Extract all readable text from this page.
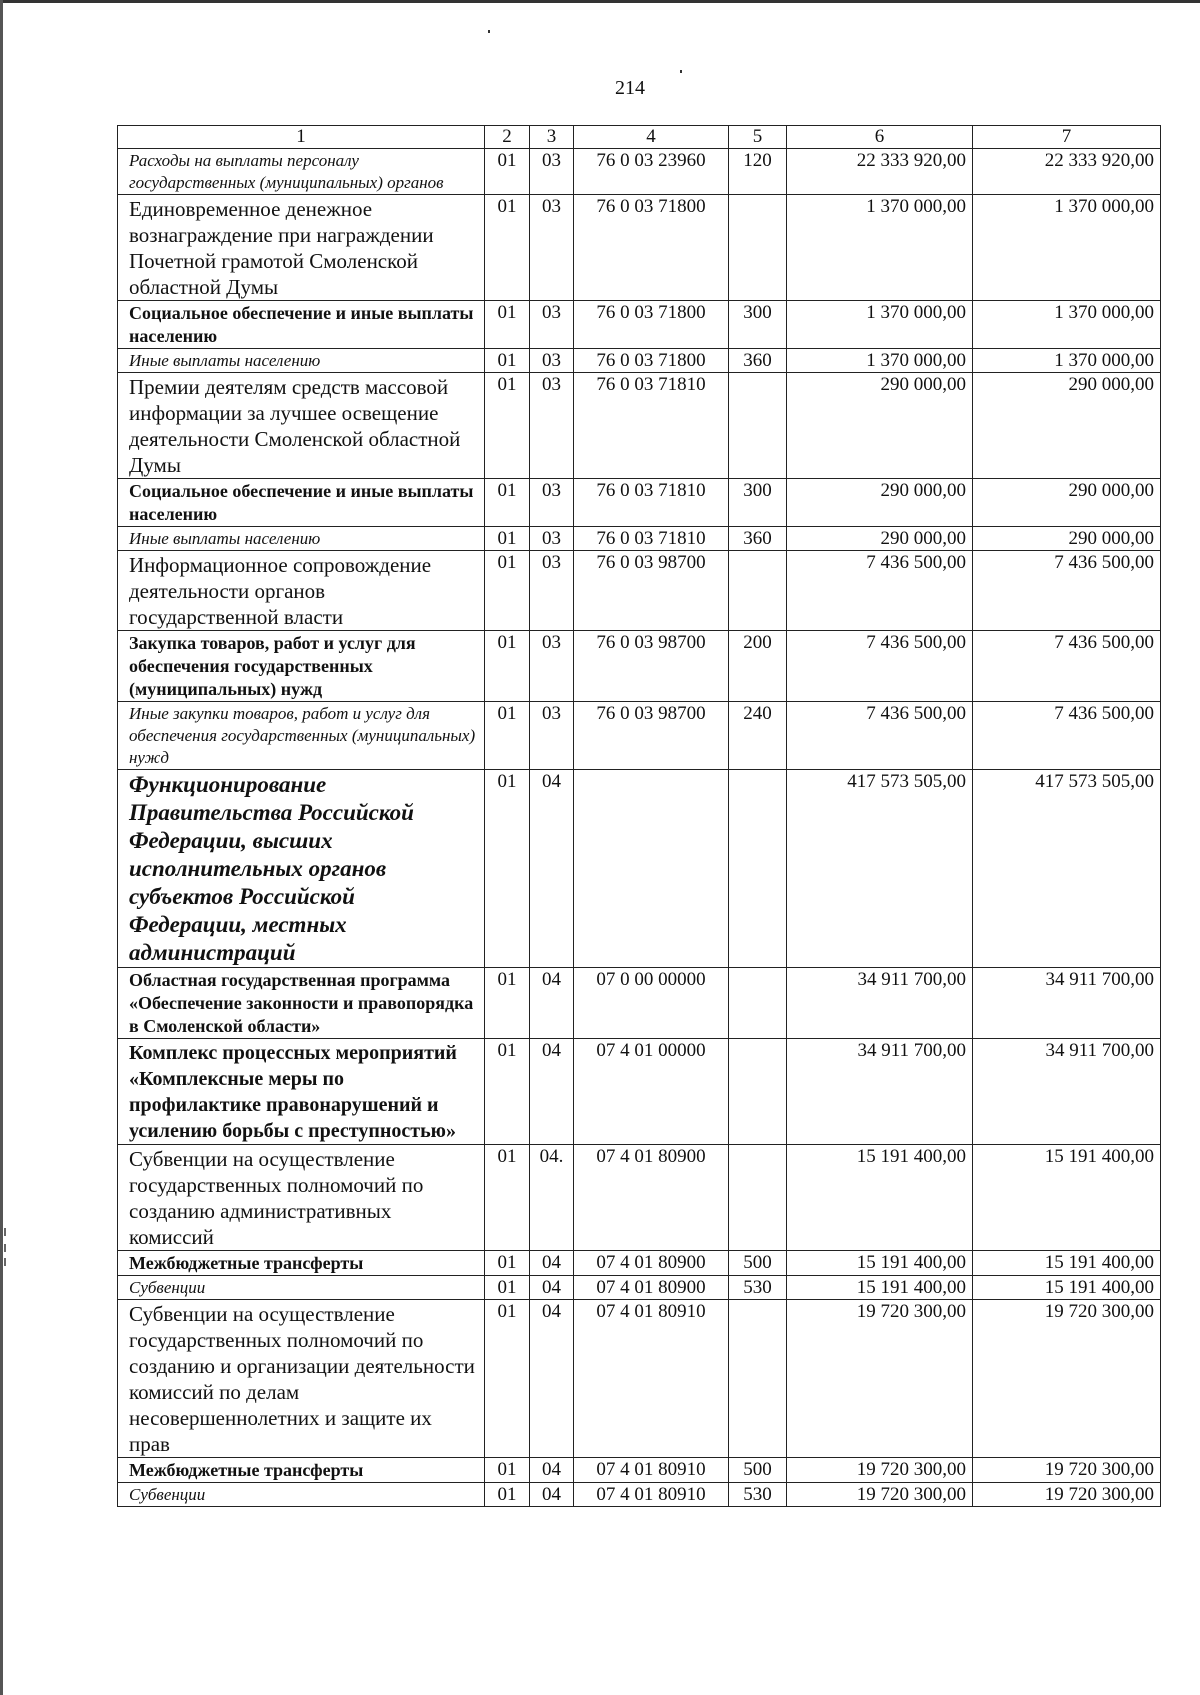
214
1	2	3	4	5	6	7
Расходы на выплаты персоналу государственных (муниципальных) органов	01	03	76 0 03 23960	120	22 333 920,00	22 333 920,00
Единовременное денежное вознаграждение при награждении Почетной грамотой Смоленской областной Думы	01	03	76 0 03 71800		1 370 000,00	1 370 000,00
Социальное обеспечение и иные выплаты населению	01	03	76 0 03 71800	300	1 370 000,00	1 370 000,00
Иные выплаты населению	01	03	76 0 03 71800	360	1 370 000,00	1 370 000,00
Премии деятелям средств массовой информации за лучшее освещение деятельности Смоленской областной Думы	01	03	76 0 03 71810		290 000,00	290 000,00
Социальное обеспечение и иные выплаты населению	01	03	76 0 03 71810	300	290 000,00	290 000,00
Иные выплаты населению	01	03	76 0 03 71810	360	290 000,00	290 000,00
Информационное сопровождение деятельности органов государственной власти	01	03	76 0 03 98700		7 436 500,00	7 436 500,00
Закупка товаров, работ и услуг для обеспечения государственных (муниципальных) нужд	01	03	76 0 03 98700	200	7 436 500,00	7 436 500,00
Иные закупки товаров, работ и услуг для обеспечения государственных (муниципальных) нужд	01	03	76 0 03 98700	240	7 436 500,00	7 436 500,00
Функционирование Правительства Российской Федерации, высших исполнительных органов субъектов Российской Федерации, местных администраций	01	04			417 573 505,00	417 573 505,00
Областная государственная программа «Обеспечение законности и правопорядка в Смоленской области»	01	04	07 0 00 00000		34 911 700,00	34 911 700,00
Комплекс процессных мероприятий «Комплексные меры по профилактике правонарушений и усилению борьбы с преступностью»	01	04	07 4 01 00000		34 911 700,00	34 911 700,00
Субвенции на осуществление государственных полномочий по созданию административных комиссий	01	04.	07 4 01 80900		15 191 400,00	15 191 400,00
Межбюджетные трансферты	01	04	07 4 01 80900	500	15 191 400,00	15 191 400,00
Субвенции	01	04	07 4 01 80900	530	15 191 400,00	15 191 400,00
Субвенции на осуществление государственных полномочий по созданию и организации деятельности комиссий по делам несовершеннолетних и защите их прав	01	04	07 4 01 80910		19 720 300,00	19 720 300,00
Межбюджетные трансферты	01	04	07 4 01 80910	500	19 720 300,00	19 720 300,00
Субвенции	01	04	07 4 01 80910	530	19 720 300,00	19 720 300,00
